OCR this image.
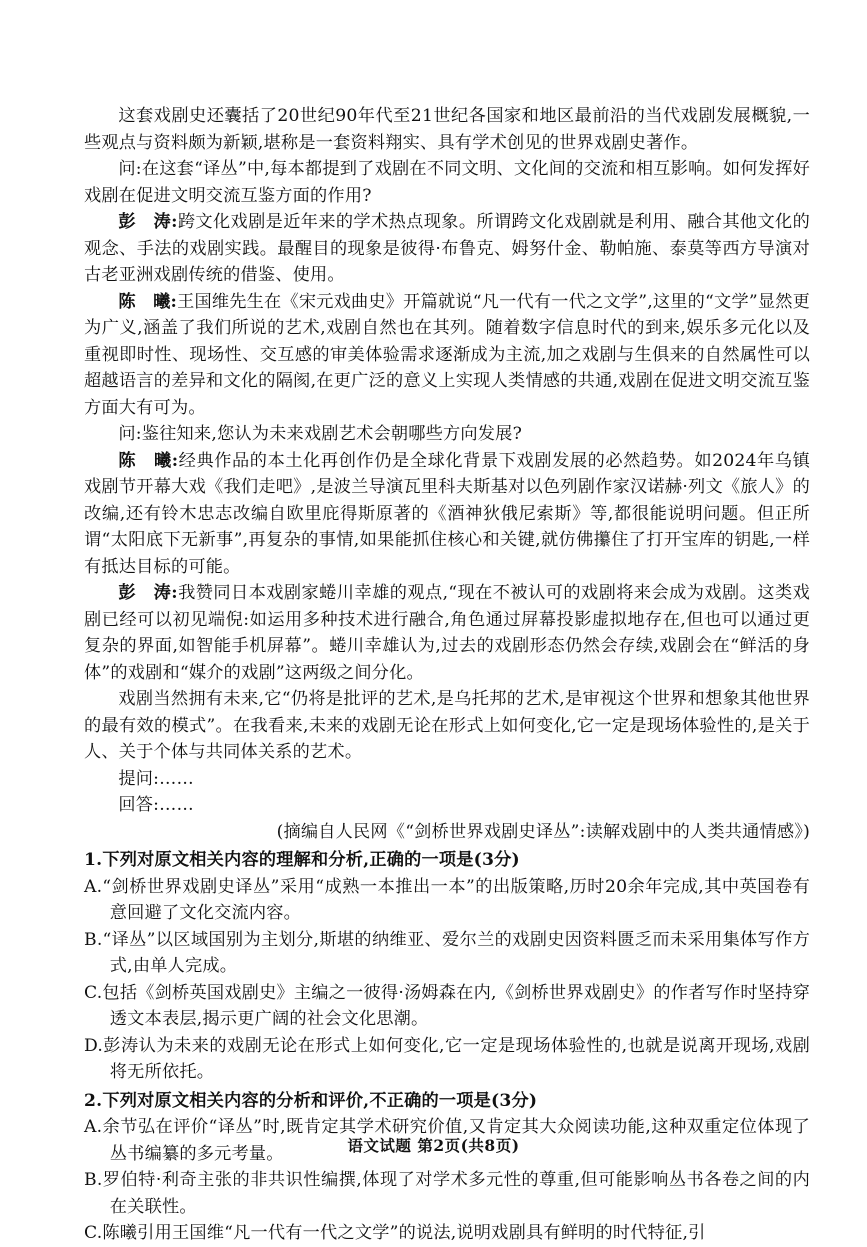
这套戏剧史还囊括了20世纪90年代至21世纪各国家和地区最前沿的当代戏剧发展概貌,一些观点与资料颇为新颖,堪称是一套资料翔实、具有学术创见的世界戏剧史著作。

问:在这套“译丛”中,每本都提到了戏剧在不同文明、文化间的交流和相互影响。如何发挥好戏剧在促进文明交流互鉴方面的作用?

彭　涛:跨文化戏剧是近年来的学术热点现象。所谓跨文化戏剧就是利用、融合其他文化的观念、手法的戏剧实践。最醒目的现象是彼得·布鲁克、姆努什金、勒帕施、泰莫等西方导演对古老亚洲戏剧传统的借鉴、使用。

陈　曦:王国维先生在《宋元戏曲史》开篇就说“凡一代有一代之文学”,这里的“文学”显然更为广义,涵盖了我们所说的艺术,戏剧自然也在其列。随着数字信息时代的到来,娱乐多元化以及重视即时性、现场性、交互感的审美体验需求逐渐成为主流,加之戏剧与生俱来的自然属性可以超越语言的差异和文化的隔阂,在更广泛的意义上实现人类情感的共通,戏剧在促进文明交流互鉴方面大有可为。

问:鉴往知来,您认为未来戏剧艺术会朝哪些方向发展?

陈　曦:经典作品的本土化再创作仍是全球化背景下戏剧发展的必然趋势。如2024年乌镇戏剧节开幕大戏《我们走吧》,是波兰导演瓦里科夫斯基对以色列剧作家汉诺赫·列文《旅人》的改编,还有铃木忠志改编自欧里庇得斯原著的《酒神狄俄尼索斯》等,都很能说明问题。但正所谓“太阳底下无新事”,再复杂的事情,如果能抓住核心和关键,就仿佛攥住了打开宝库的钥匙,一样有抵达目标的可能。

彭　涛:我赞同日本戏剧家蜷川幸雄的观点,“现在不被认可的戏剧将来会成为戏剧。这类戏剧已经可以初见端倪:如运用多种技术进行融合,角色通过屏幕投影虚拟地存在,但也可以通过更复杂的界面,如智能手机屏幕”。蜷川幸雄认为,过去的戏剧形态仍然会存续,戏剧会在“鲜活的身体”的戏剧和“媒介的戏剧”这两级之间分化。

戏剧当然拥有未来,它“仍将是批评的艺术,是乌托邦的艺术,是审视这个世界和想象其他世界的最有效的模式”。在我看来,未来的戏剧无论在形式上如何变化,它一定是现场体验性的,是关于人、关于个体与共同体关系的艺术。

提问:……

回答:……

(摘编自人民网《“剑桥世界戏剧史译丛”:读解戏剧中的人类共通情感》)

1.下列对原文相关内容的理解和分析,正确的一项是(3分)

A.“剑桥世界戏剧史译丛”采用“成熟一本推出一本”的出版策略,历时20余年完成,其中英国卷有意回避了文化交流内容。

B.“译丛”以区域国别为主划分,斯堪的纳维亚、爱尔兰的戏剧史因资料匮乏而未采用集体写作方式,由单人完成。

C.包括《剑桥英国戏剧史》主编之一彼得·汤姆森在内,《剑桥世界戏剧史》的作者写作时坚持穿透文本表层,揭示更广阔的社会文化思潮。

D.彭涛认为未来的戏剧无论在形式上如何变化,它一定是现场体验性的,也就是说离开现场,戏剧将无所依托。

2.下列对原文相关内容的分析和评价,不正确的一项是(3分)

A.余节弘在评价“译丛”时,既肯定其学术研究价值,又肯定其大众阅读功能,这种双重定位体现了丛书编纂的多元考量。

B.罗伯特·利奇主张的非共识性编撰,体现了对学术多元性的尊重,但可能影响丛书各卷之间的内在关联性。

C.陈曦引用王国维“凡一代有一代之文学”的说法,说明戏剧具有鲜明的时代特征,引

语文试题 第2页(共8页)
